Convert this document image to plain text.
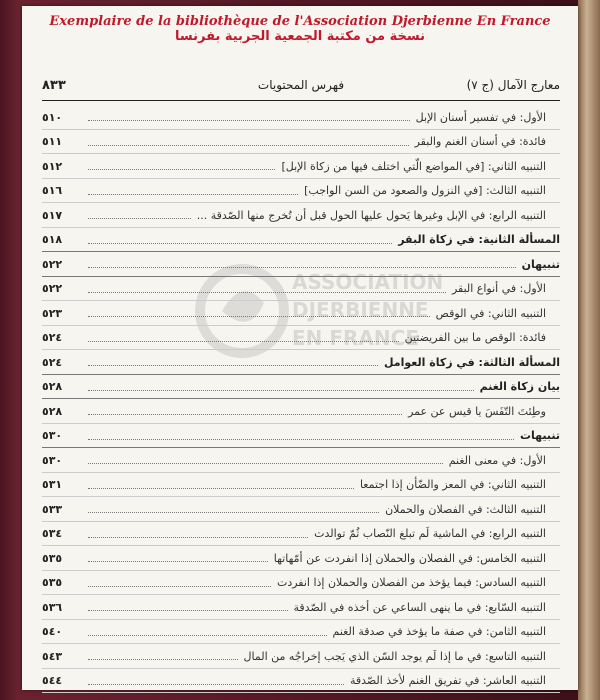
Exemplaire de la bibliothèque de l'Association Djerbienne En France
نسخة من مكتبة الجمعية الجربية بفرنسا
معارج الآمال (ج ٧)
فهرس المحتويات
٨٣٣
ASSOCIATION
DJERBIENNE
EN FRANCE
الأول: في تفسير أسنان الإبل
٥١٠
فائدة: في أسنان الغنم والبقر
٥١١
التنبيه الثاني: [في المواضع الّتي اختلف فيها من زكاة الإبل]
٥١٢
التنبيه الثالث: [في النزول والصعود من السن الواجب]
٥١٦
التنبيه الرابع: في الإبل وغيرها يَحول عليها الحول قبل أن تُخرج منها الصّدقة ...
٥١٧
المسألة الثانية: في زكاة البقر
٥١٨
تنبيهان
٥٢٢
الأول: في أنواع البقر
٥٢٢
التنبيه الثاني: في الوقص
٥٢٣
فائدة: الوقص ما بين الفريضتين
٥٢٤
المسألة الثالثة: في زكاة العوامل
٥٢٤
بيان زكاة الغنم
٥٢٨
وطِئتَ التّفَسَ يا قيس عن عمر
٥٢٨
تنبيهات
٥٣٠
الأول: في معنى الغنم
٥٣٠
التنبيه الثاني: في المعز والضّأن إذا اجتمعا
٥٣١
التنبيه الثالث: في الفصلان والحملان
٥٣٣
التنبيه الرابع: في الماشية لَم تبلغ النّصاب ثُمّ توالدت
٥٣٤
التنبيه الخامس: في الفصلان والحملان إذا انفردت عن أمّهاتها
٥٣٥
التنبيه السادس: فيما يؤخذ من الفصلان والحملان إذا انفردت
٥٣٥
التنبيه السّابع: في ما ينهى الساعي عن أخذه في الصّدقة
٥٣٦
التنبيه الثامن: في صفة ما يؤخذ في صدقة الغنم
٥٤٠
التنبيه التاسع: في ما إذا لَم يوجد السّن الذي يَجب إخراجُه من المال
٥٤٣
التنبيه العاشر: في تفريق الغنم لأخذ الصّدقة
٥٤٤
